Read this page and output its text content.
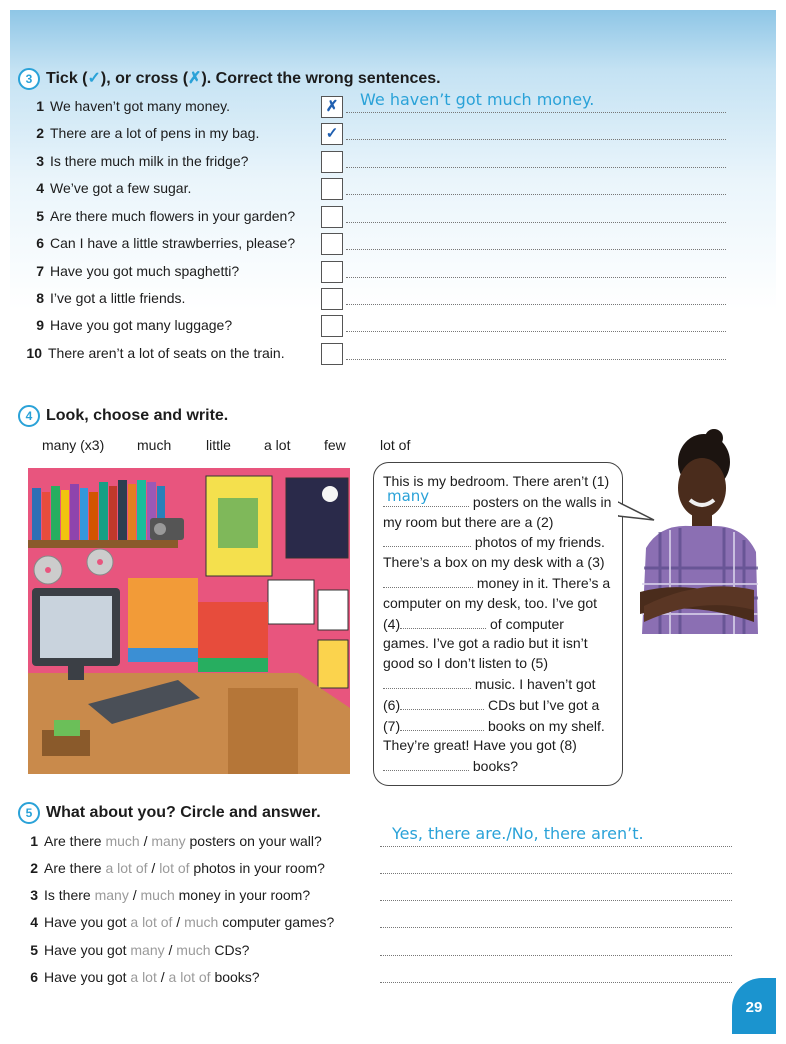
3 Tick (✓), or cross (✗). Correct the wrong sentences.
1 We haven’t got many money.	✗ We haven’t got much money.
2 There are a lot of pens in my bag.	✓
3 Is there much milk in the fridge?
4 We’ve got a few sugar.
5 Are there much flowers in your garden?
6 Can I have a little strawberries, please?
7 Have you got much spaghetti?
8 I’ve got a little friends.
9 Have you got many luggage?
10 There aren’t a lot of seats on the train.
4 Look, choose and write.
many (x3) much little a lot few lot of
This is my bedroom. There aren’t (1)
many	posters on the walls in my room but there are a (2) photos of my friends. There’s a box on my desk with a (3) money in it. There’s a computer on my desk, too. I’ve got (4)	of computer games. I’ve got a radio but it isn’t good so I don’t listen to (5) music. I haven’t got (6)	CDs but I’ve got a (7)	books on my shelf. They’re great! Have you got (8) books?
5 What about you? Circle and answer.
1 Are there much / many posters on your wall?	Yes, there are./No, there aren’t.
2 Are there a lot of / lot of photos in your room?
3 Is there many / much money in your room?
4 Have you got a lot of / much computer games?
5 Have you got many / much CDs?
6 Have you got a lot / a lot of books?
29
